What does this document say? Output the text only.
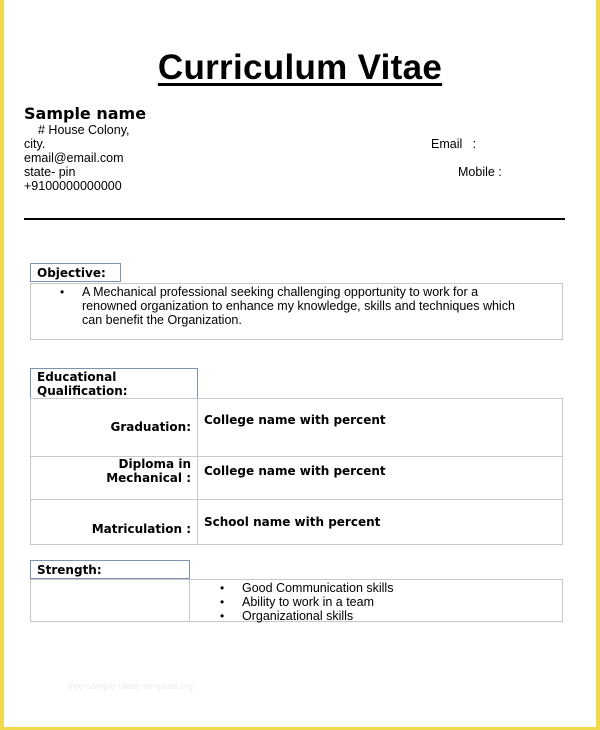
Curriculum Vitae
Sample name
# House Colony,
city.
email@email.com
state- pin
+9100000000000
Email   :
Mobile :
Objective:
• A Mechanical professional seeking challenging opportunity to work for a
renowned organization to enhance my knowledge, skills and techniques which
can benefit the Organization.
Educational
Qualification:
Graduation: College name with percent
Diploma in
Mechanical : College name with percent
Matriculation : School name with percent
Strength:
• Good Communication skills
• Ability to work in a team
• Organizational skills
free-sample-ideas-template.org
